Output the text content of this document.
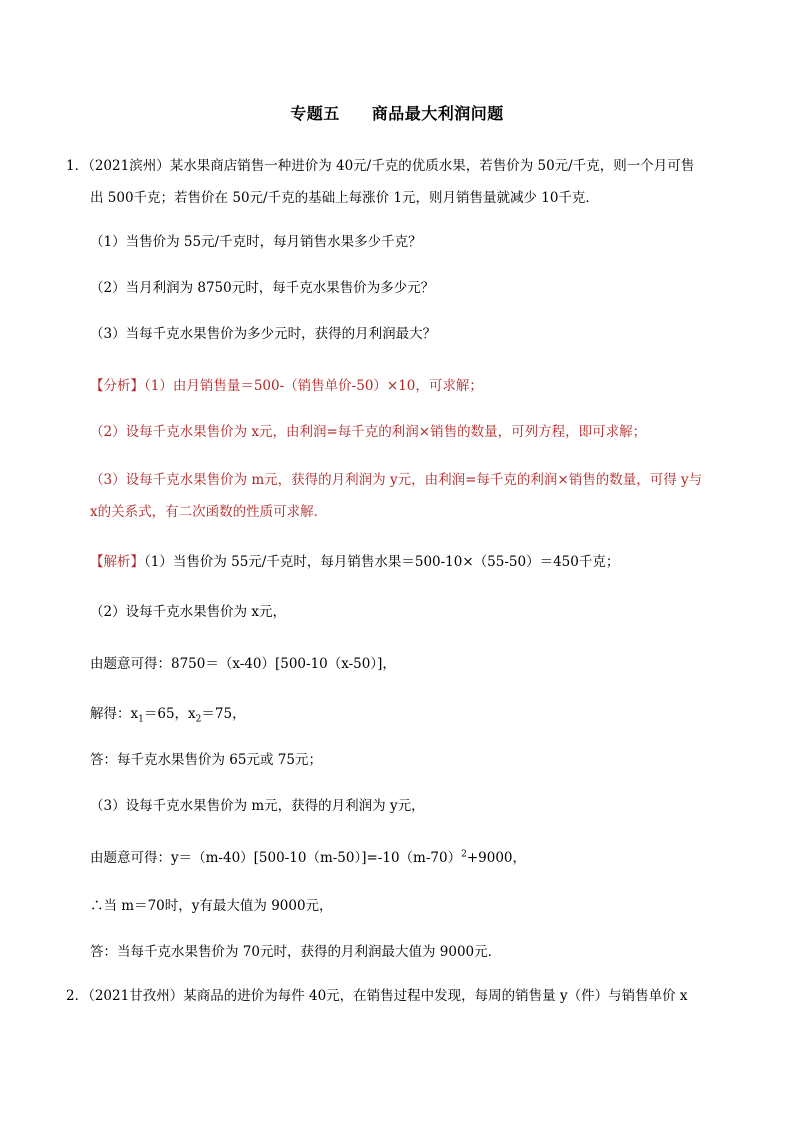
专题五 商品最大利润问题
1．（2021滨州）某水果商店销售一种进价为 40元/千克的优质水果，若售价为 50元/千克，则一个月可售
出 500千克；若售价在 50元/千克的基础上每涨价 1元，则月销售量就减少 10千克．
（1）当售价为 55元/千克时，每月销售水果多少千克？
（2）当月利润为 8750元时，每千克水果售价为多少元？
（3）当每千克水果售价为多少元时，获得的月利润最大？
【分析】（1）由月销售量＝500-（销售单价-50）×10，可求解；
（2）设每千克水果售价为 x元，由利润=每千克的利润×销售的数量，可列方程，即可求解；
（3）设每千克水果售价为 m元，获得的月利润为 y元，由利润=每千克的利润×销售的数量，可得 y与
x的关系式，有二次函数的性质可求解．
【解析】（1）当售价为 55元/千克时，每月销售水果＝500-10×（55-50）＝450千克；
（2）设每千克水果售价为 x元，
由题意可得：8750＝（x-40）[500-10（x-50）]，
解得：$x_1=65$，$x_2=75$，
答：每千克水果售价为 65元或 75元；
（3）设每千克水果售价为 m元，获得的月利润为 y元，
由题意可得：$y=(m-40)[500-10(m-50)]=-10(m-70)^2+9000$，
∴当 m＝70时，y有最大值为 9000元，
答：当每千克水果售价为 70元时，获得的月利润最大值为 9000元．
2．（2021甘孜州）某商品的进价为每件 40元，在销售过程中发现，每周的销售量 y（件）与销售单价 x
